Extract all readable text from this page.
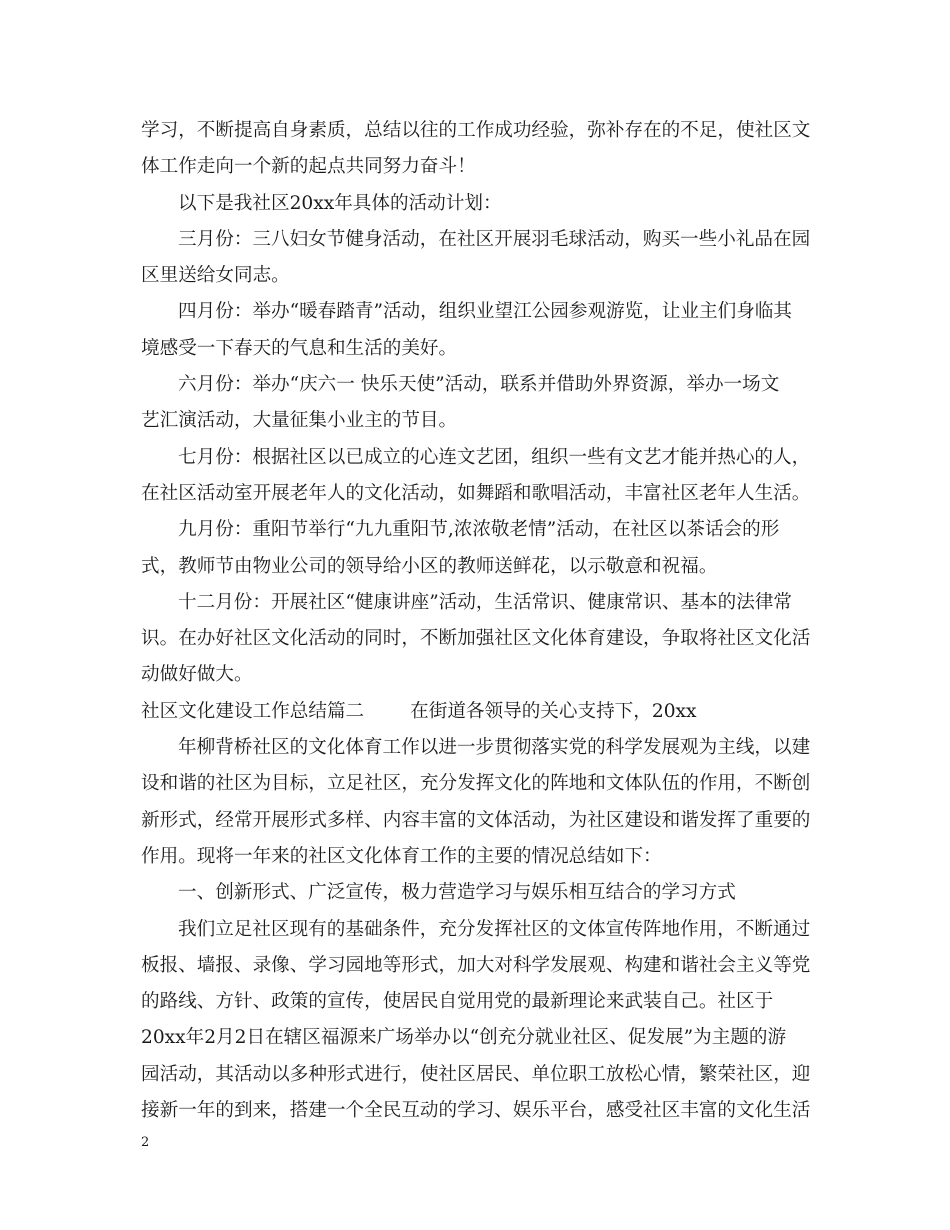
学习，不断提高自身素质，总结以往的工作成功经验，弥补存在的不足，使社区文
体工作走向一个新的起点共同努力奋斗！
以下是我社区20xx年具体的活动计划：
三月份：三八妇女节健身活动，在社区开展羽毛球活动，购买一些小礼品在园
区里送给女同志。
四月份：举办“暖春踏青”活动，组织业望江公园参观游览，让业主们身临其
境感受一下春天的气息和生活的美好。
六月份：举办“庆六一 快乐天使”活动，联系并借助外界资源，举办一场文
艺汇演活动，大量征集小业主的节目。
七月份：根据社区以已成立的心连文艺团，组织一些有文艺才能并热心的人，
在社区活动室开展老年人的文化活动，如舞蹈和歌唱活动，丰富社区老年人生活。
九月份：重阳节举行“九九重阳节,浓浓敬老情”活动，在社区以茶话会的形
式，教师节由物业公司的领导给小区的教师送鲜花，以示敬意和祝福。
十二月份：开展社区“健康讲座”活动，生活常识、健康常识、基本的法律常
识。在办好社区文化活动的同时，不断加强社区文化体育建设，争取将社区文化活
动做好做大。
社区文化建设工作总结篇二 在街道各领导的关心支持下，20xx
年柳背桥社区的文化体育工作以进一步贯彻落实党的科学发展观为主线，以建
设和谐的社区为目标，立足社区，充分发挥文化的阵地和文体队伍的作用，不断创
新形式，经常开展形式多样、内容丰富的文体活动，为社区建设和谐发挥了重要的
作用。现将一年来的社区文化体育工作的主要的情况总结如下：
一、创新形式、广泛宣传，极力营造学习与娱乐相互结合的学习方式
我们立足社区现有的基础条件，充分发挥社区的文体宣传阵地作用，不断通过
板报、墙报、录像、学习园地等形式，加大对科学发展观、构建和谐社会主义等党
的路线、方针、政策的宣传，使居民自觉用党的最新理论来武装自己。社区于
20xx年2月2日在辖区福源来广场举办以“创充分就业社区、促发展”为主题的游
园活动，其活动以多种形式进行，使社区居民、单位职工放松心情，繁荣社区，迎
接新一年的到来，搭建一个全民互动的学习、娱乐平台，感受社区丰富的文化生活
2
